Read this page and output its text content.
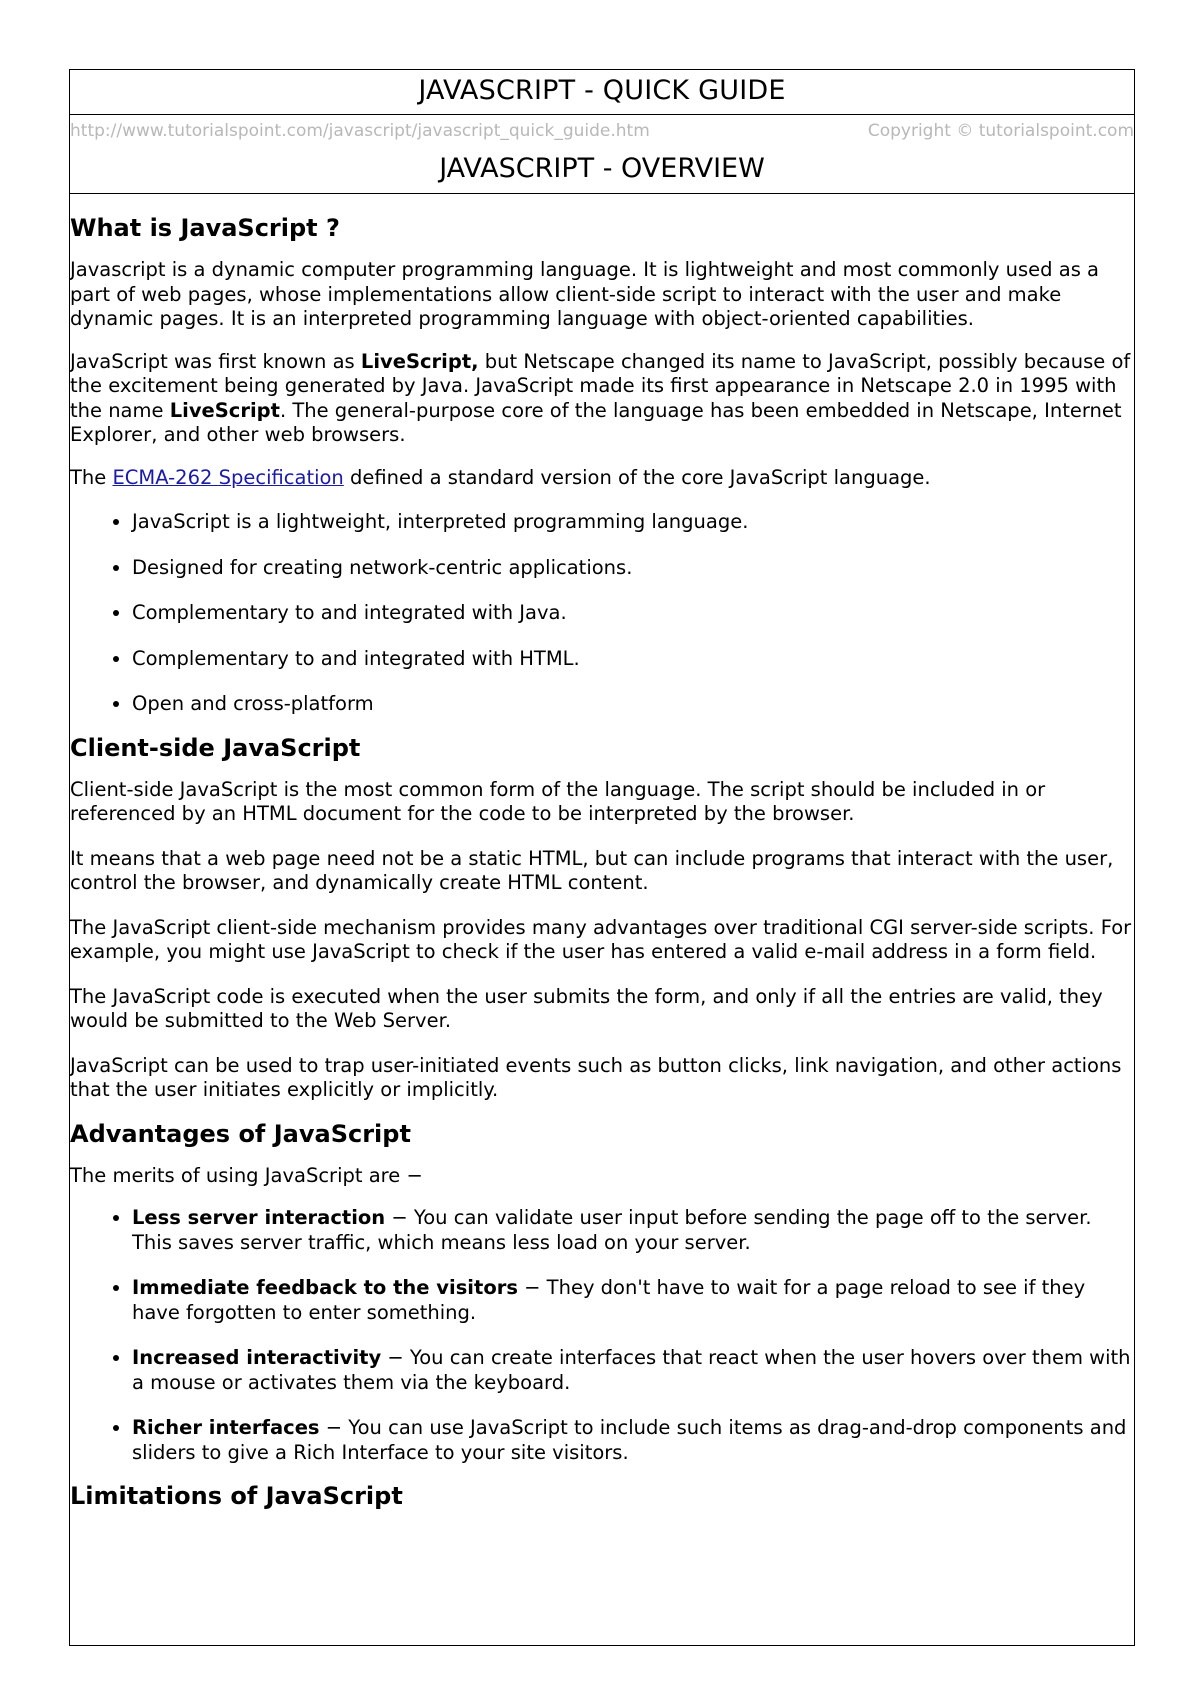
JAVASCRIPT - QUICK GUIDE
http://www.tutorialspoint.com/javascript/javascript_quick_guide.htm	Copyright © tutorialspoint.com
JAVASCRIPT - OVERVIEW
What is JavaScript ?

Javascript is a dynamic computer programming language. It is lightweight and most commonly used as a part of web pages, whose implementations allow client-side script to interact with the user and make dynamic pages. It is an interpreted programming language with object-oriented capabilities.

JavaScript was first known as LiveScript, but Netscape changed its name to JavaScript, possibly because of the excitement being generated by Java. JavaScript made its first appearance in Netscape 2.0 in 1995 with the name LiveScript. The general-purpose core of the language has been embedded in Netscape, Internet Explorer, and other web browsers.

The ECMA-262 Specification defined a standard version of the core JavaScript language.

• JavaScript is a lightweight, interpreted programming language.
• Designed for creating network-centric applications.
• Complementary to and integrated with Java.
• Complementary to and integrated with HTML.
• Open and cross-platform
Client-side JavaScript

Client-side JavaScript is the most common form of the language. The script should be included in or referenced by an HTML document for the code to be interpreted by the browser.

It means that a web page need not be a static HTML, but can include programs that interact with the user, control the browser, and dynamically create HTML content.

The JavaScript client-side mechanism provides many advantages over traditional CGI server-side scripts. For example, you might use JavaScript to check if the user has entered a valid e-mail address in a form field.

The JavaScript code is executed when the user submits the form, and only if all the entries are valid, they would be submitted to the Web Server.

JavaScript can be used to trap user-initiated events such as button clicks, link navigation, and other actions that the user initiates explicitly or implicitly.

Advantages of JavaScript

The merits of using JavaScript are −

• Less server interaction − You can validate user input before sending the page off to the server. This saves server traffic, which means less load on your server.
• Immediate feedback to the visitors − They don't have to wait for a page reload to see if they have forgotten to enter something.
• Increased interactivity − You can create interfaces that react when the user hovers over them with a mouse or activates them via the keyboard.
• Richer interfaces − You can use JavaScript to include such items as drag-and-drop components and sliders to give a Rich Interface to your site visitors.
Limitations of JavaScript
